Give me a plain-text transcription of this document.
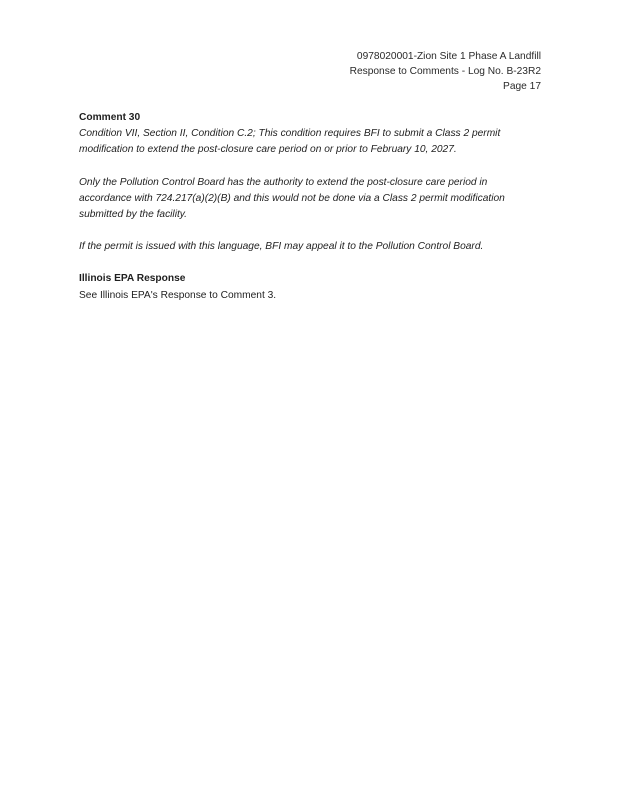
0978020001-Zion Site 1 Phase A Landfill
Response to Comments - Log No. B-23R2
Page 17

Comment 30

Condition VII, Section II, Condition C.2; This condition requires BFI to submit a Class 2 permit
modification to extend the post-closure care period on or prior to February 10, 2027.
Only the Pollution Control Board has the authority to extend the post-closure care period in
accordance with 724.217(a)(2)(B) and this would not be done via a Class 2 permit modification
submitted by the facility.
If the permit is issued with this language, BFI may appeal it to the Pollution Control Board.

Illinois EPA Response

See Illinois EPA's Response to Comment 3.
